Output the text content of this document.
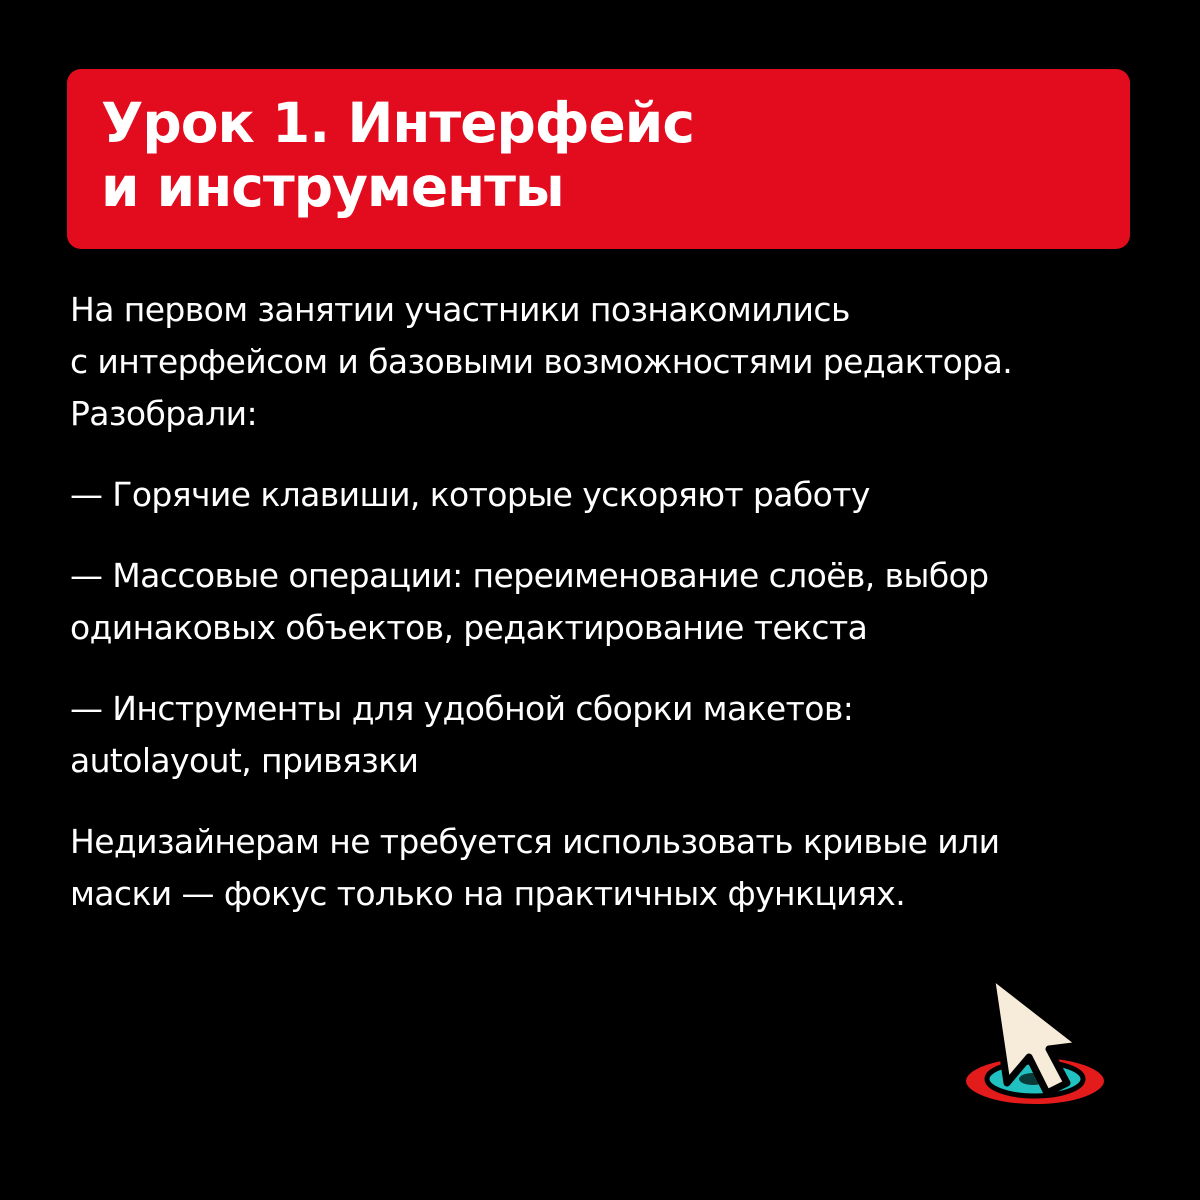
Урок 1. Интерфейс
и инструменты
На первом занятии участники познакомились
с интерфейсом и базовыми возможностями редактора.
Разобрали:
— Горячие клавиши, которые ускоряют работу
— Массовые операции: переименование слоёв, выбор
одинаковых объектов, редактирование текста
— Инструменты для удобной сборки макетов:
autolayout, привязки
Недизайнерам не требуется использовать кривые или
маски — фокус только на практичных функциях.
